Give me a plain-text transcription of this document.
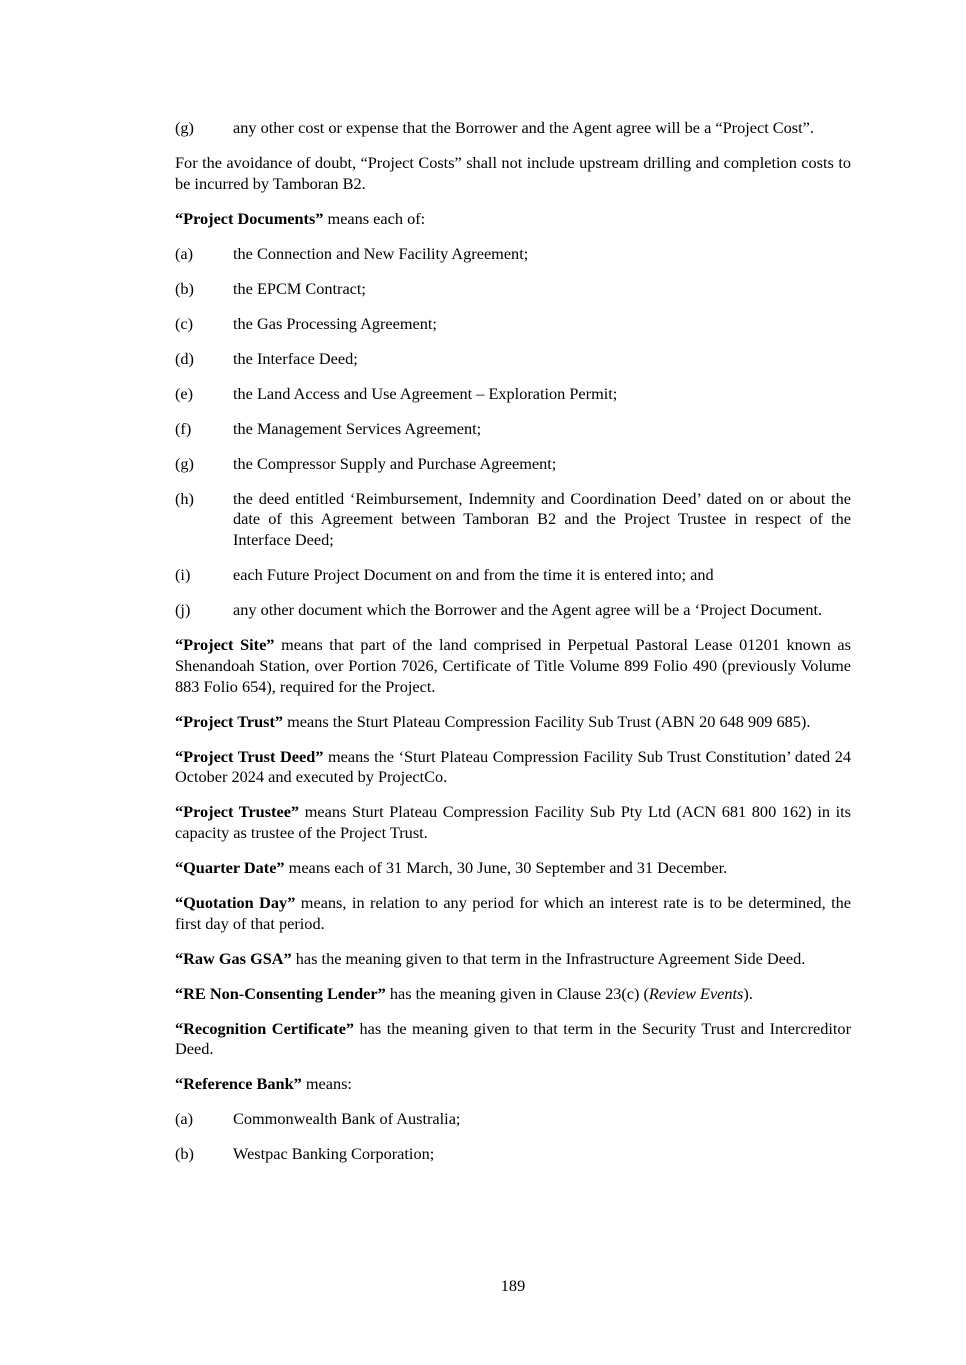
(g) any other cost or expense that the Borrower and the Agent agree will be a “Project Cost”.
For the avoidance of doubt, “Project Costs” shall not include upstream drilling and completion costs to be incurred by Tamboran B2.
“Project Documents” means each of:
(a) the Connection and New Facility Agreement;
(b) the EPCM Contract;
(c) the Gas Processing Agreement;
(d) the Interface Deed;
(e) the Land Access and Use Agreement – Exploration Permit;
(f)	the Management Services Agreement;
(g) the Compressor Supply and Purchase Agreement;
(h) the deed entitled ‘Reimbursement, Indemnity and Coordination Deed’ dated on or about the date of this Agreement between Tamboran B2 and the Project Trustee in respect of the Interface Deed;
(i)	each Future Project Document on and from the time it is entered into; and
(j)	any other document which the Borrower and the Agent agree will be a ‘Project Document.
“Project Site” means that part of the land comprised in Perpetual Pastoral Lease 01201 known as Shenandoah Station, over Portion 7026, Certificate of Title Volume 899 Folio 490 (previously Volume 883 Folio 654), required for the Project.
“Project Trust” means the Sturt Plateau Compression Facility Sub Trust (ABN 20 648 909 685).
“Project Trust Deed” means the ‘Sturt Plateau Compression Facility Sub Trust Constitution’ dated 24 October 2024 and executed by ProjectCo.
“Project Trustee” means Sturt Plateau Compression Facility Sub Pty Ltd (ACN 681 800 162) in its capacity as trustee of the Project Trust.
“Quarter Date” means each of 31 March, 30 June, 30 September and 31 December.
“Quotation Day” means, in relation to any period for which an interest rate is to be determined, the first day of that period.
“Raw Gas GSA” has the meaning given to that term in the Infrastructure Agreement Side Deed.
“RE Non-Consenting Lender” has the meaning given in Clause 23(c) (Review Events).
“Recognition Certificate” has the meaning given to that term in the Security Trust and Intercreditor Deed.
“Reference Bank” means:
(a) Commonwealth Bank of Australia;
(b) Westpac Banking Corporation;
189
